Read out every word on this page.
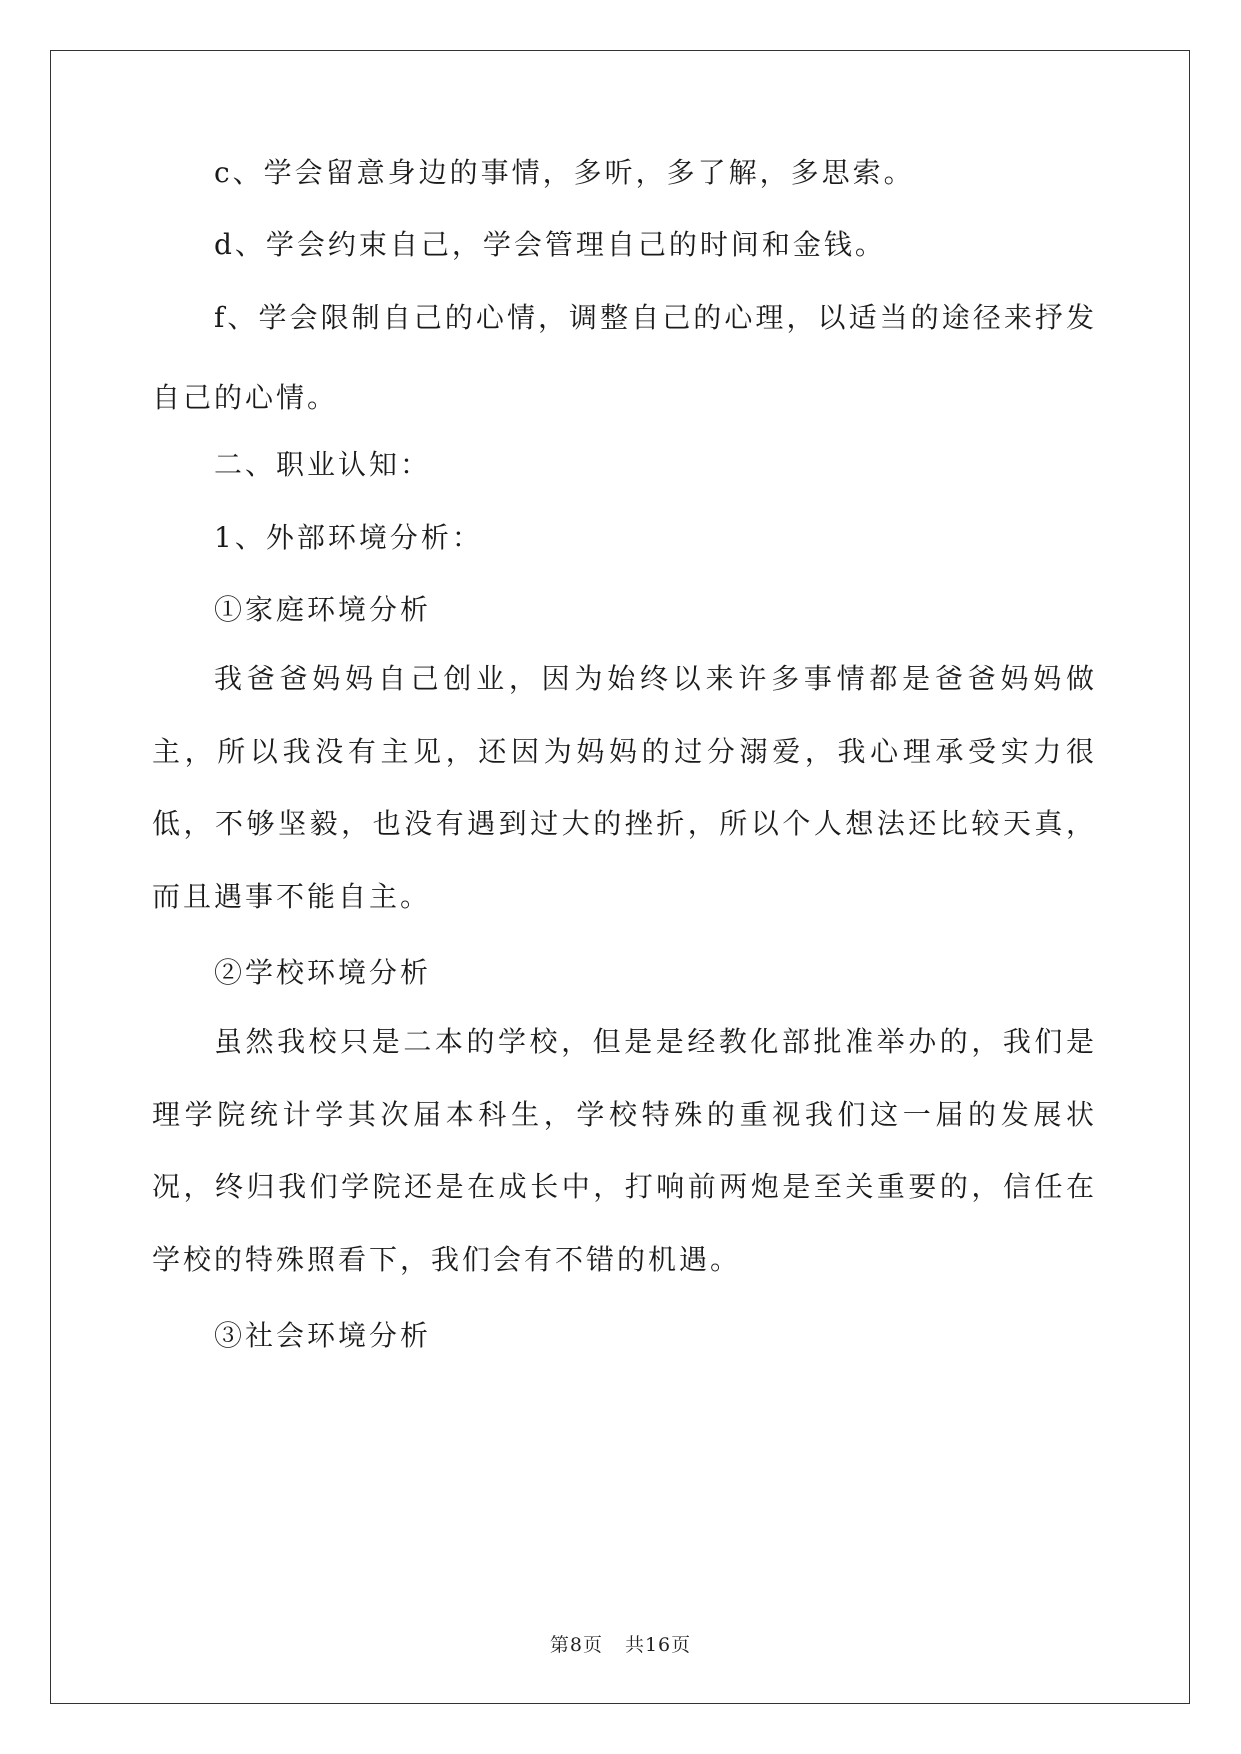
c、学会留意身边的事情，多听，多了解，多思索。
d、学会约束自己，学会管理自己的时间和金钱。
f、学会限制自己的心情，调整自己的心理，以适当的途径来抒发自己的心情。
二、职业认知：
1、外部环境分析：
①家庭环境分析
我爸爸妈妈自己创业，因为始终以来许多事情都是爸爸妈妈做主，所以我没有主见，还因为妈妈的过分溺爱，我心理承受实力很低，不够坚毅，也没有遇到过大的挫折，所以个人想法还比较天真，而且遇事不能自主。
②学校环境分析
虽然我校只是二本的学校，但是是经教化部批准举办的，我们是理学院统计学其次届本科生，学校特殊的重视我们这一届的发展状况，终归我们学院还是在成长中，打响前两炮是至关重要的，信任在学校的特殊照看下，我们会有不错的机遇。
③社会环境分析
第8页 共16页
